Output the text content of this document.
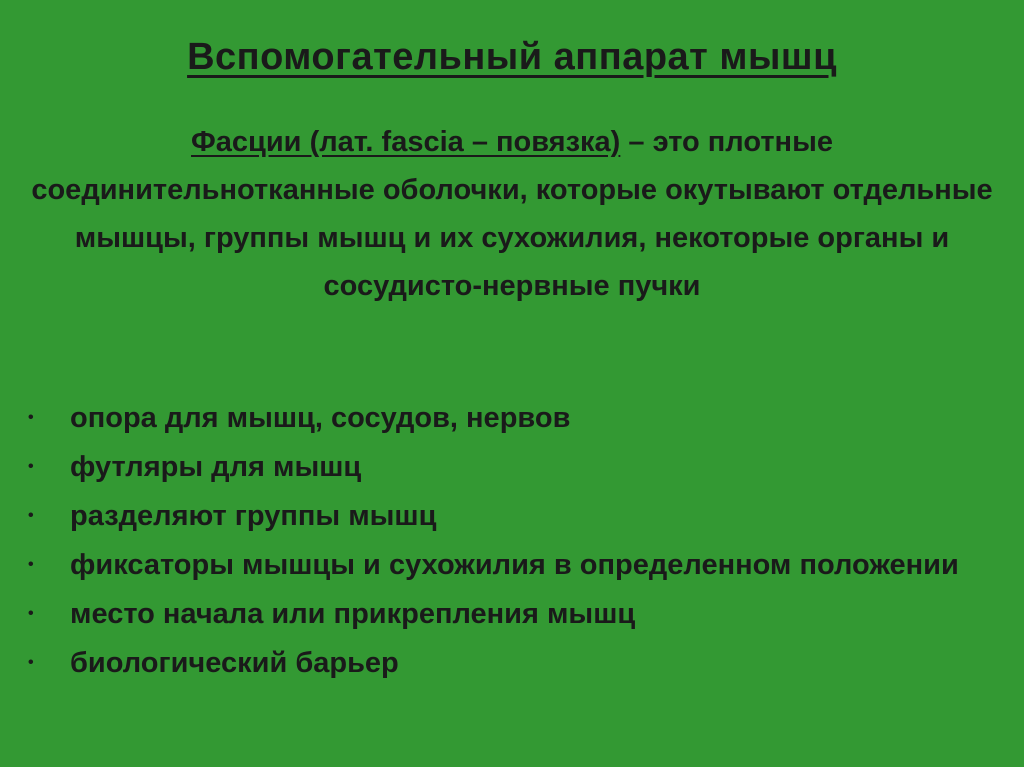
Вспомогательный аппарат мышц
Фасции (лат. fascia – повязка) – это плотные соединительнотканные оболочки, которые окутывают отдельные мышцы, группы мышц и их сухожилия, некоторые органы и сосудисто-нервные пучки
• опора для мышц, сосудов, нервов
• футляры для мышц
• разделяют группы мышц
• фиксаторы мышцы и сухожилия в определенном положении
• место начала или прикрепления мышц
• биологический барьер
